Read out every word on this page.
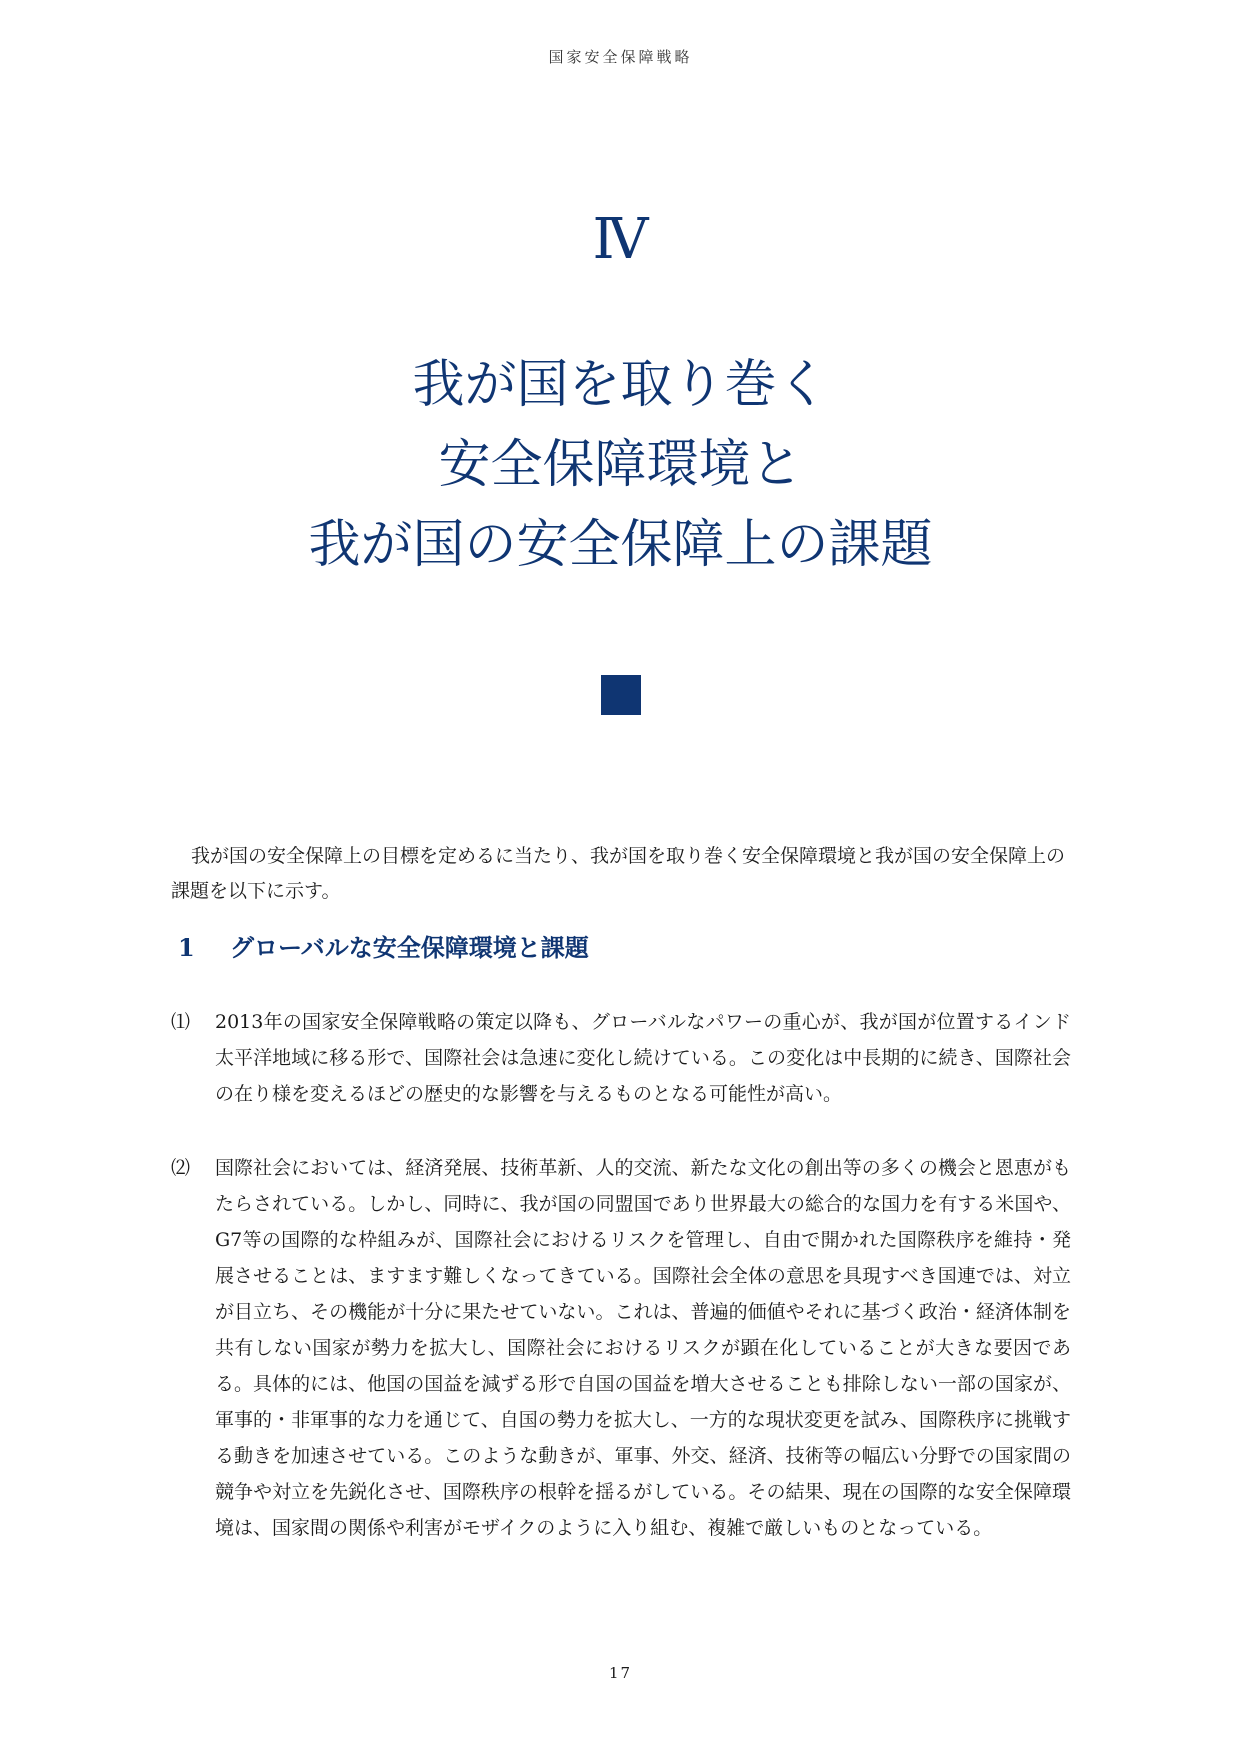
国家安全保障戦略
Ⅳ
我が国を取り巻く
安全保障環境と
我が国の安全保障上の課題

我が国の安全保障上の目標を定めるに当たり、我が国を取り巻く安全保障環境と我が国の安全保障上の課題を以下に示す。

1 グローバルな安全保障環境と課題
⑴	2013年の国家安全保障戦略の策定以降も、グローバルなパワーの重心が、我が国が位置するインド太平洋地域に移る形で、国際社会は急速に変化し続けている。この変化は中長期的に続き、国際社会の在り様を変えるほどの歴史的な影響を与えるものとなる可能性が高い。
⑵	国際社会においては、経済発展、技術革新、人的交流、新たな文化の創出等の多くの機会と恩恵がもたらされている。しかし、同時に、我が国の同盟国であり世界最大の総合的な国力を有する米国や、G7等の国際的な枠組みが、国際社会におけるリスクを管理し、自由で開かれた国際秩序を維持・発展させることは、ますます難しくなってきている。国際社会全体の意思を具現すべき国連では、対立が目立ち、その機能が十分に果たせていない。これは、普遍的価値やそれに基づく政治・経済体制を共有しない国家が勢力を拡大し、国際社会におけるリスクが顕在化していることが大きな要因である。具体的には、他国の国益を減ずる形で自国の国益を増大させることも排除しない一部の国家が、軍事的・非軍事的な力を通じて、自国の勢力を拡大し、一方的な現状変更を試み、国際秩序に挑戦する動きを加速させている。このような動きが、軍事、外交、経済、技術等の幅広い分野での国家間の競争や対立を先鋭化させ、国際秩序の根幹を揺るがしている。その結果、現在の国際的な安全保障環境は、国家間の関係や利害がモザイクのように入り組む、複雑で厳しいものとなっている。
17
